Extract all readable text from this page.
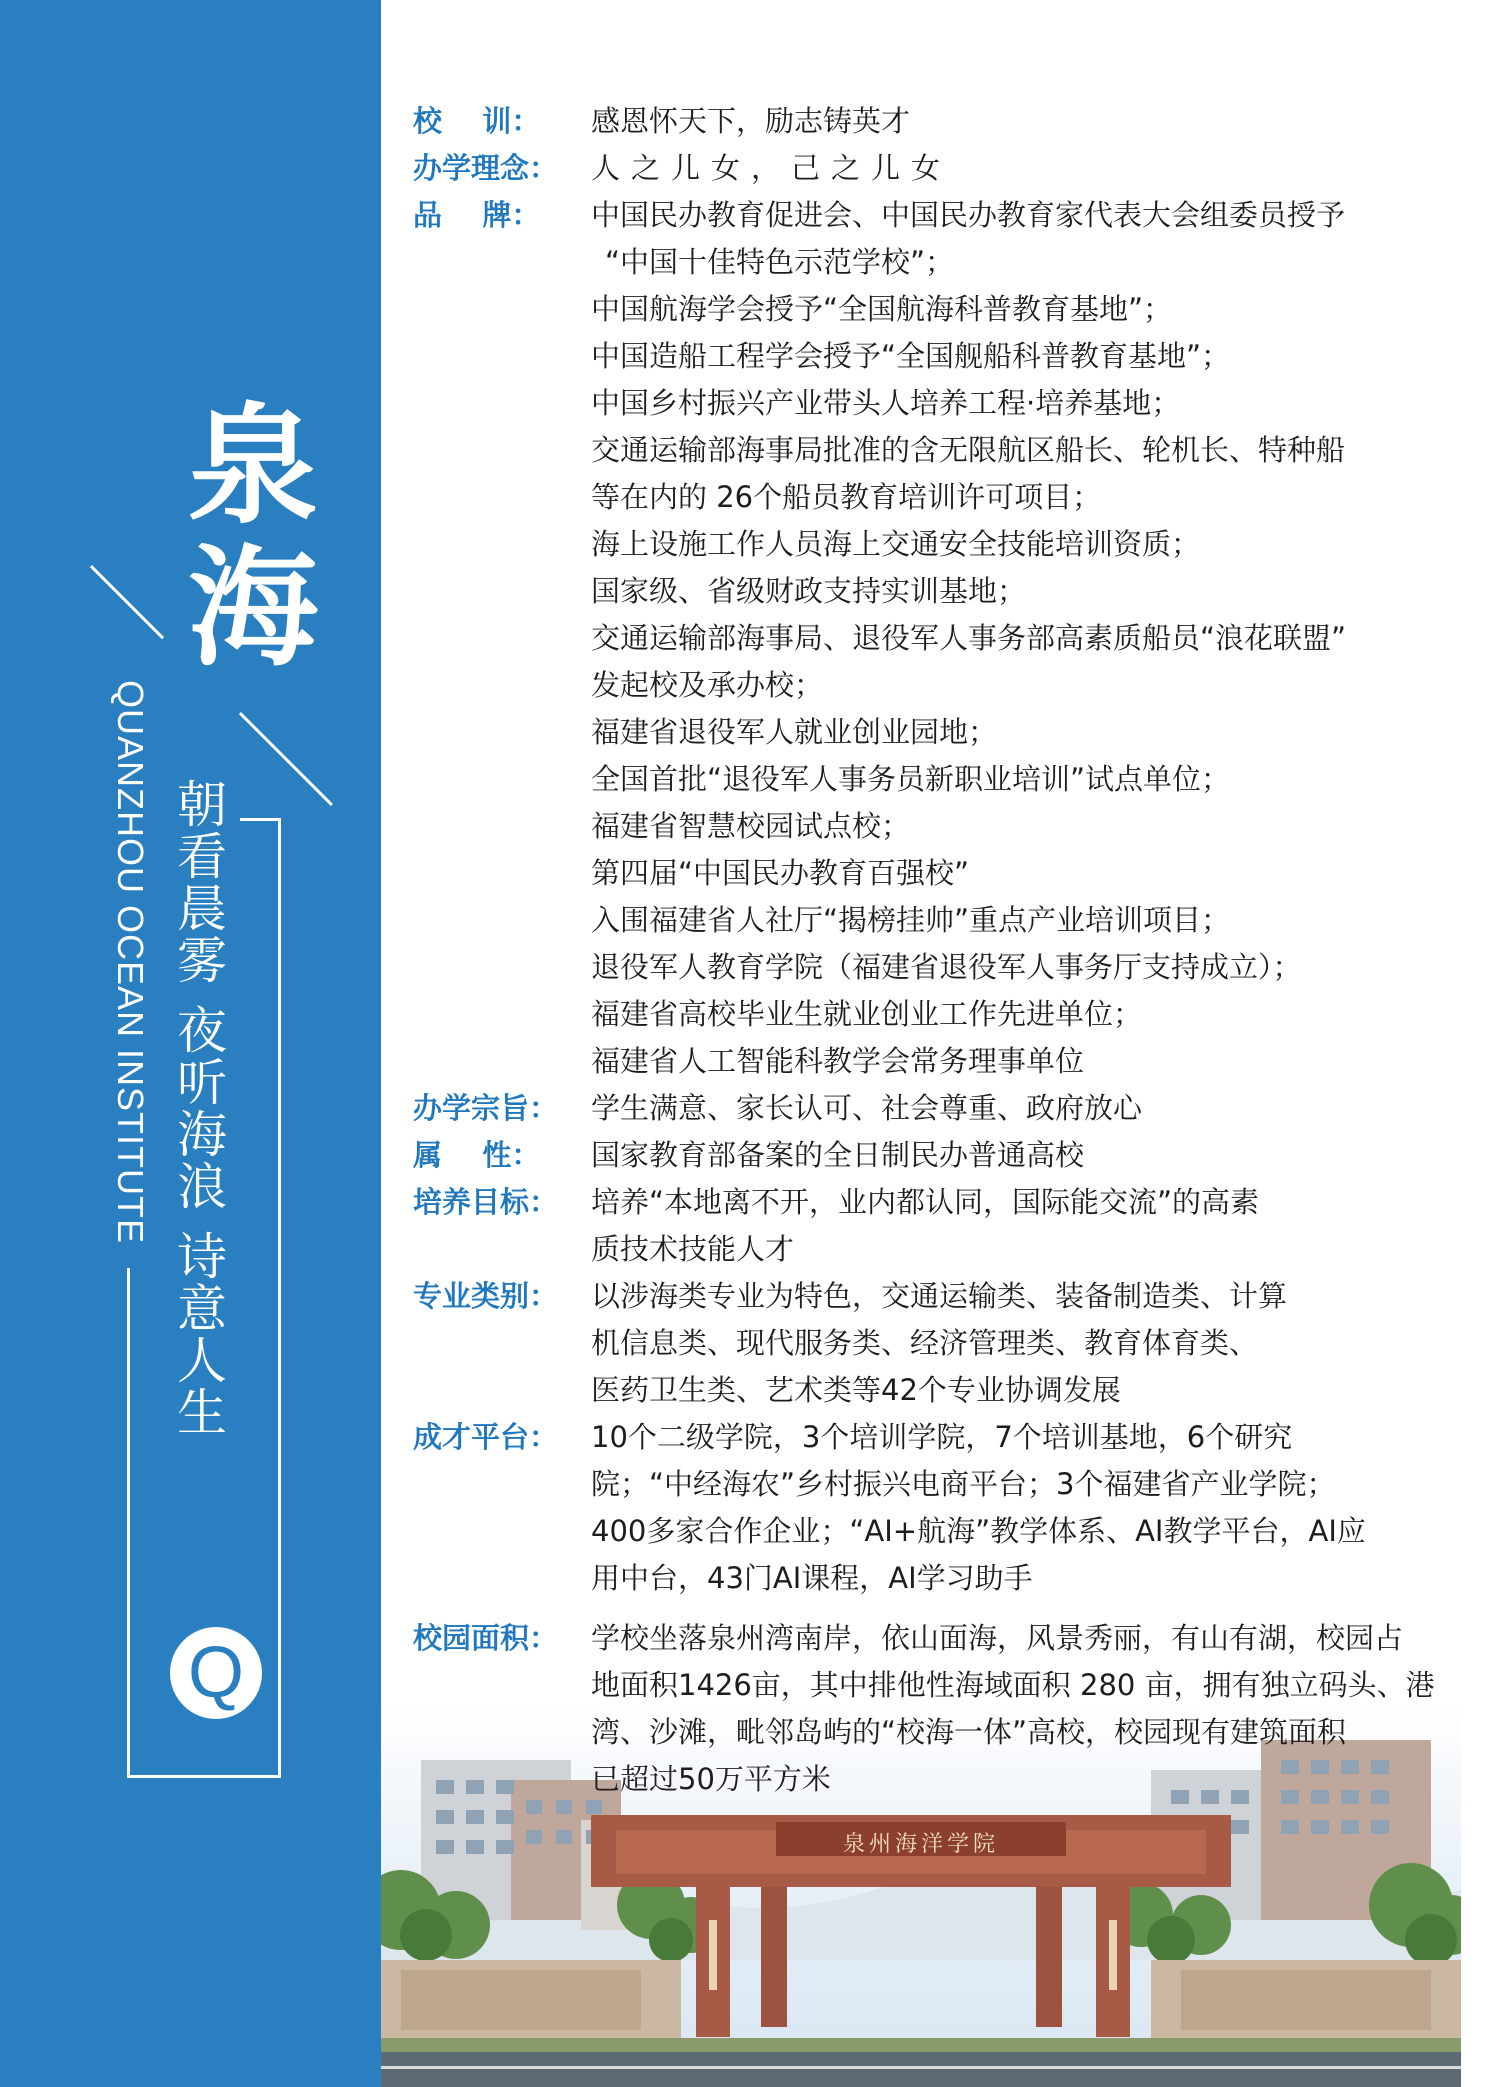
泉
海
QUANZHOU OCEAN INSTITUTE 朝看晨雾 夜听海浪 诗意人生
Q
校    训：	感恩怀天下，励志铸英才
办学理念：	人之儿女，己之儿女
品    牌：	中国民办教育促进会、中国民办教育家代表大会组委员授予
“中国十佳特色示范学校”；
中国航海学会授予“全国航海科普教育基地”；
中国造船工程学会授予“全国舰船科普教育基地”；
中国乡村振兴产业带头人培养工程·培养基地；
交通运输部海事局批准的含无限航区船长、轮机长、特种船
等在内的 26个船员教育培训许可项目；
海上设施工作人员海上交通安全技能培训资质；
国家级、省级财政支持实训基地；
交通运输部海事局、退役军人事务部高素质船员“浪花联盟”
发起校及承办校；
福建省退役军人就业创业园地；
全国首批“退役军人事务员新职业培训”试点单位；
福建省智慧校园试点校；
第四届“中国民办教育百强校”
入围福建省人社厅“揭榜挂帅”重点产业培训项目；
退役军人教育学院（福建省退役军人事务厅支持成立）；
福建省高校毕业生就业创业工作先进单位；
福建省人工智能科教学会常务理事单位
办学宗旨：	学生满意、家长认可、社会尊重、政府放心
属    性：	国家教育部备案的全日制民办普通高校
培养目标：	培养“本地离不开，业内都认同，国际能交流”的高素
质技术技能人才
专业类别：	以涉海类专业为特色，交通运输类、装备制造类、计算
机信息类、现代服务类、经济管理类、教育体育类、
医药卫生类、艺术类等42个专业协调发展
成才平台：	10个二级学院，3个培训学院，7个培训基地，6个研究
院；“中经海农”乡村振兴电商平台；3个福建省产业学院；
400多家合作企业；“AI+航海”教学体系、AI教学平台，AI应
用中台，43门AI课程，AI学习助手
泉州海洋学院
校园面积：	学校坐落泉州湾南岸，依山面海，风景秀丽，有山有湖，校园占
地面积1426亩，其中排他性海域面积 280 亩，拥有独立码头、港
湾、沙滩，毗邻岛屿的“校海一体”高校，校园现有建筑面积
已超过50万平方米
